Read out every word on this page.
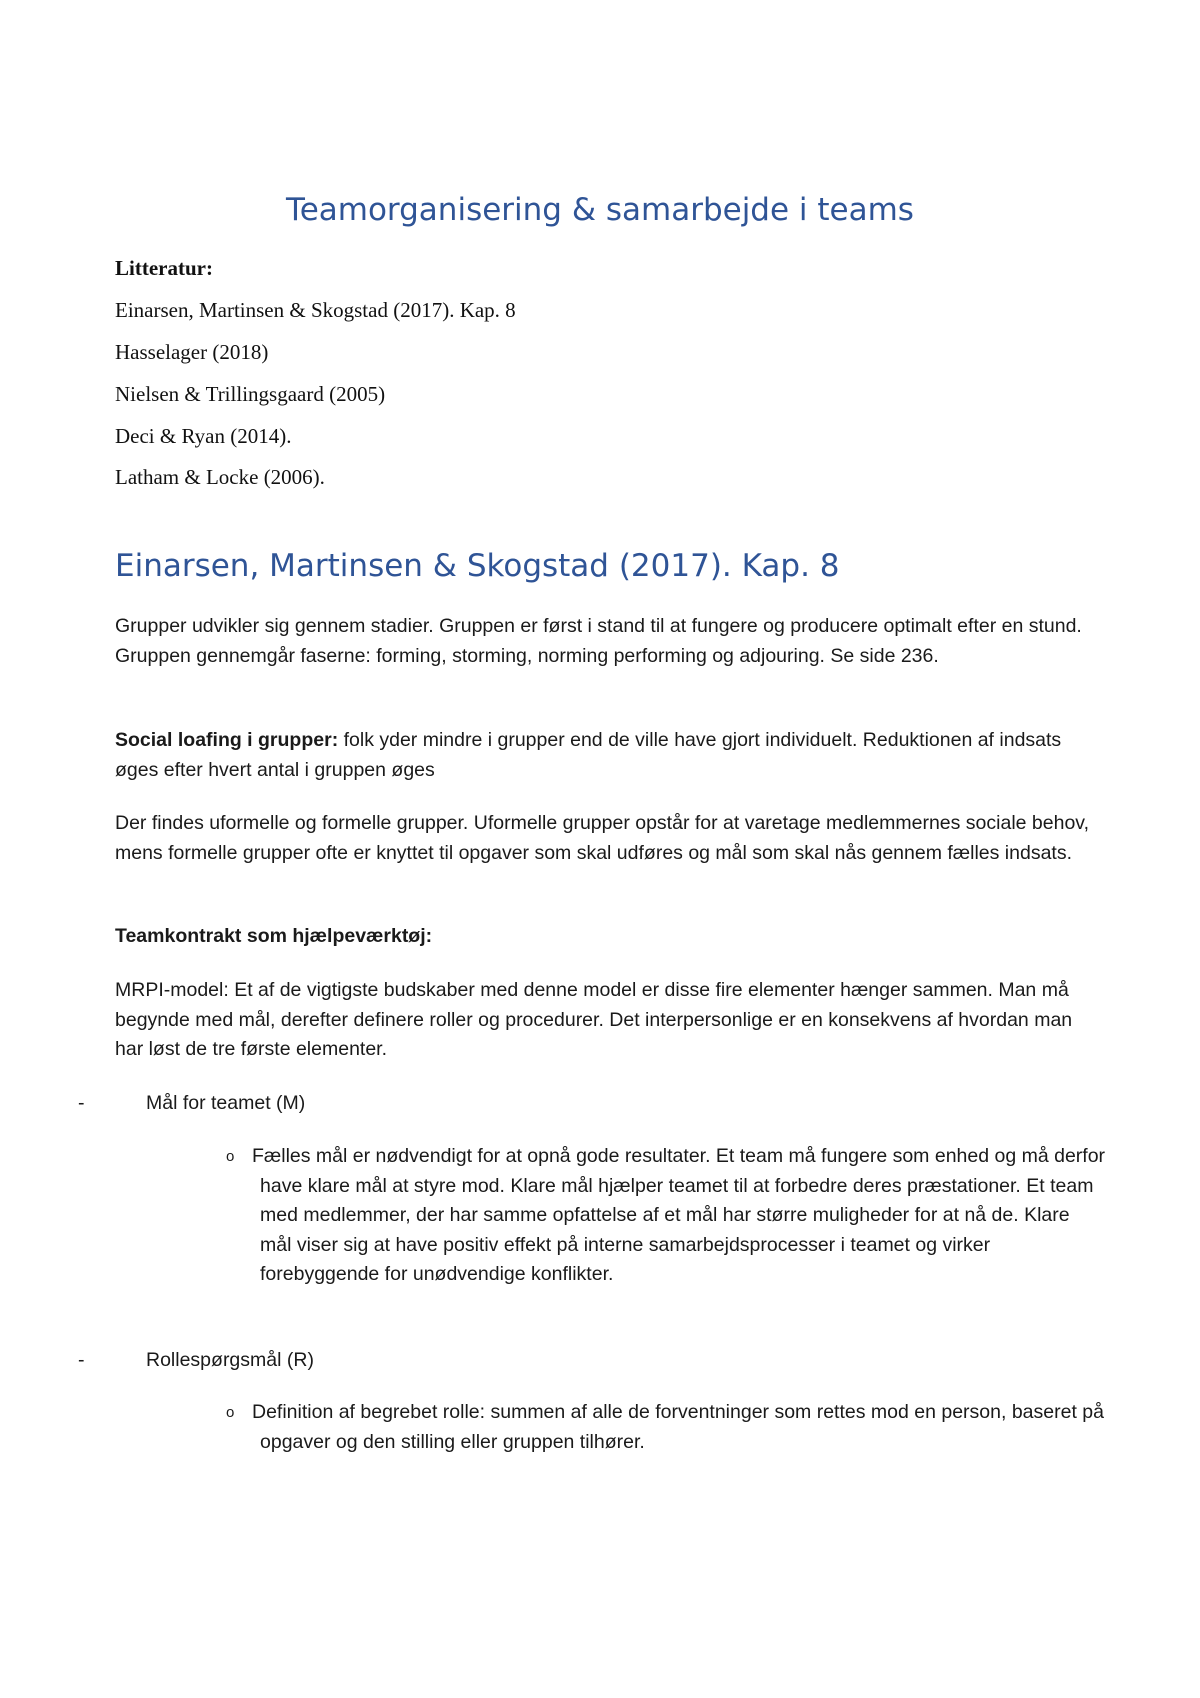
Teamorganisering & samarbejde i teams
Litteratur:
Einarsen, Martinsen & Skogstad (2017). Kap. 8
Hasselager (2018)
Nielsen & Trillingsgaard (2005)
Deci & Ryan (2014).
Latham & Locke (2006).
Einarsen, Martinsen & Skogstad (2017). Kap. 8

Grupper udvikler sig gennem stadier. Gruppen er først i stand til at fungere og producere optimalt efter en stund. Gruppen gennemgår faserne: forming, storming, norming performing og adjouring. Se side 236.

Social loafing i grupper: folk yder mindre i grupper end de ville have gjort individuelt. Reduktionen af indsats øges efter hvert antal i gruppen øges

Der findes uformelle og formelle grupper. Uformelle grupper opstår for at varetage medlemmernes sociale behov, mens formelle grupper ofte er knyttet til opgaver som skal udføres og mål som skal nås gennem fælles indsats.

Teamkontrakt som hjælpeværktøj:

MRPI-model: Et af de vigtigste budskaber med denne model er disse fire elementer hænger sammen. Man må begynde med mål, derefter definere roller og procedurer. Det interpersonlige er en konsekvens af hvordan man har løst de tre første elementer.

-	Mål for teamet (M)
o Fælles mål er nødvendigt for at opnå gode resultater. Et team må fungere som enhed og må derfor have klare mål at styre mod. Klare mål hjælper teamet til at forbedre deres præstationer. Et team med medlemmer, der har samme opfattelse af et mål har større muligheder for at nå de. Klare mål viser sig at have positiv effekt på interne samarbejdsprocesser i teamet og virker forebyggende for unødvendige konflikter.
-	Rollespørgsmål (R)
o Definition af begrebet rolle: summen af alle de forventninger som rettes mod en person, baseret på opgaver og den stilling eller gruppen tilhører.
